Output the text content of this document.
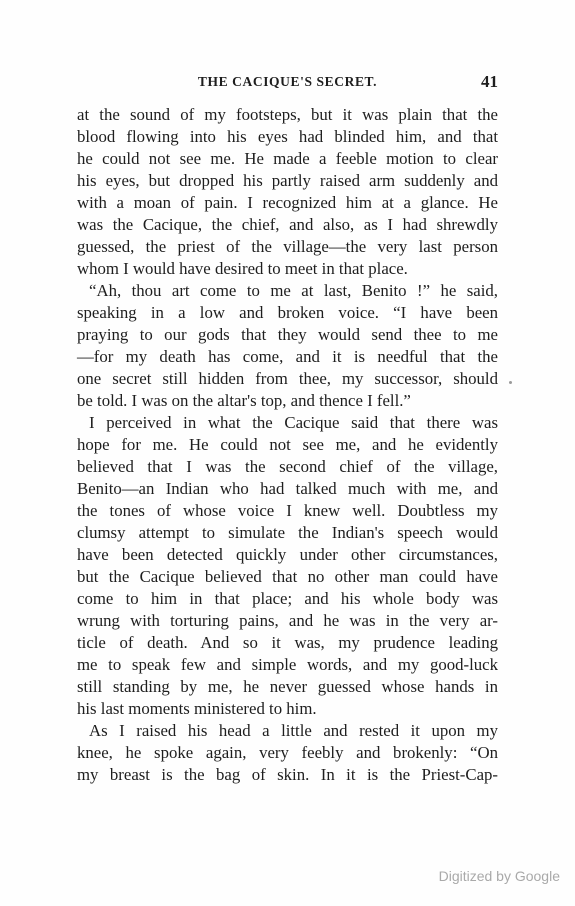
THE CACIQUE'S SECRET.	41
at the sound of my footsteps, but it was plain that the
blood flowing into his eyes had blinded him, and that
he could not see me. He made a feeble motion to clear
his eyes, but dropped his partly raised arm suddenly and
with a moan of pain. I recognized him at a glance. He
was the Cacique, the chief, and also, as I had shrewdly
guessed, the priest of the village—the very last person
whom I would have desired to meet in that place.
“Ah, thou art come to me at last, Benito !” he said,
speaking in a low and broken voice. “I have been
praying to our gods that they would send thee to me
—for my death has come, and it is needful that the
one secret still hidden from thee, my successor, should
be told. I was on the altar's top, and thence I fell.”
I perceived in what the Cacique said that there was
hope for me. He could not see me, and he evidently
believed that I was the second chief of the village,
Benito—an Indian who had talked much with me, and
the tones of whose voice I knew well. Doubtless my
clumsy attempt to simulate the Indian's speech would
have been detected quickly under other circumstances,
but the Cacique believed that no other man could have
come to him in that place; and his whole body was
wrung with torturing pains, and he was in the very ar-
ticle of death. And so it was, my prudence leading
me to speak few and simple words, and my good-luck
still standing by me, he never guessed whose hands in
his last moments ministered to him.
As I raised his head a little and rested it upon my
knee, he spoke again, very feebly and brokenly: “On
my breast is the bag of skin. In it is the Priest-Cap-
Digitized by Google
